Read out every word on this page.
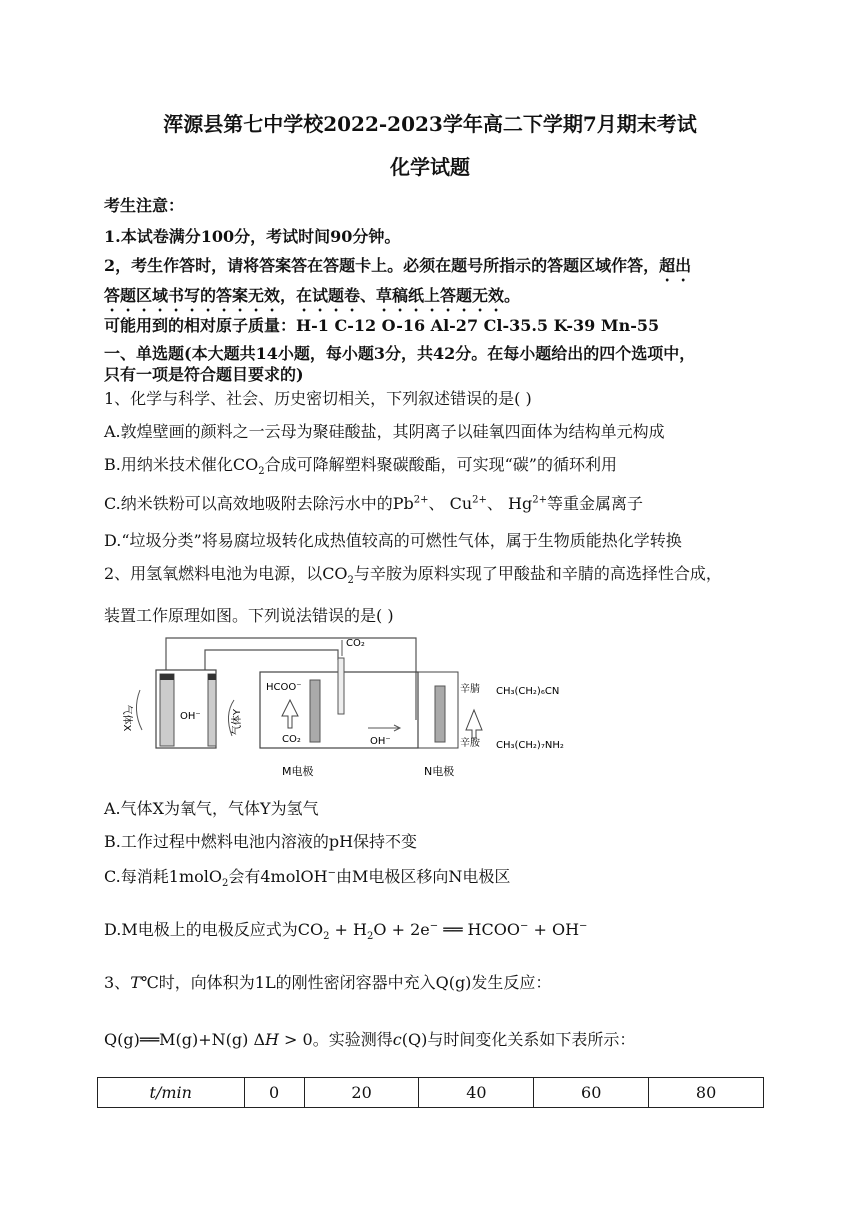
浑源县第七中学校2022-2023学年高二下学期7月期末考试
化学试题
考生注意：
1.本试卷满分100分，考试时间90分钟。
2，考生作答时，请将答案答在答题卡上。必须在题号所指示的答题区域作答，超出
答题区域书写的答案无效，在试题卷、草稿纸上答题无效。
可能用到的相对原子质量：H-1 C-12 O-16 Al-27 Cl-35.5 K-39 Mn-55
一、单选题(本大题共14小题，每小题3分，共42分。在每小题给出的四个选项中，
只有一项是符合题目要求的)
1、化学与科学、社会、历史密切相关，下列叙述错误的是( )
A.敦煌壁画的颜料之一云母为聚硅酸盐，其阴离子以硅氧四面体为结构单元构成
B.用纳米技术催化$CO_2$合成可降解塑料聚碳酸酯，可实现“碳”的循环利用
C.纳米铁粉可以高效地吸附去除污水中的$Pb^{2+}$、 $Cu^{2+}$、 $Hg^{2+}$等重金属离子
D.“垃圾分类”将易腐垃圾转化成热值较高的可燃性气体，属于生物质能热化学转换
2、用氢氧燃料电池为电源，以$CO_2$与辛胺为原料实现了甲酸盐和辛腈的高选择性合成，
装置工作原理如图。下列说法错误的是( )
OH⁻
气体X	气体Y
HCOO⁻
CO₂
CO₂
OH⁻
M电极	N电极
辛腈
辛胺
CH₃(CH₂)₆CN
CH₃(CH₂)₇NH₂
A.气体X为氧气，气体Y为氢气
B.工作过程中燃料电池内溶液的pH保持不变
C.每消耗1molO$_2$会有4molOH−由M电极区移向N电极区
D.M电极上的电极反应式为$CO_2 + H_2O + 2e^-$ ══ HCOO− + OH−
3、T℃时，向体积为1L的刚性密闭容器中充入Q(g)发生反应：
Q(g)══M(g)+N(g) ΔH > 0。实验测得c(Q)与时间变化关系如下表所示：
t/min	0	20	40	60	80
